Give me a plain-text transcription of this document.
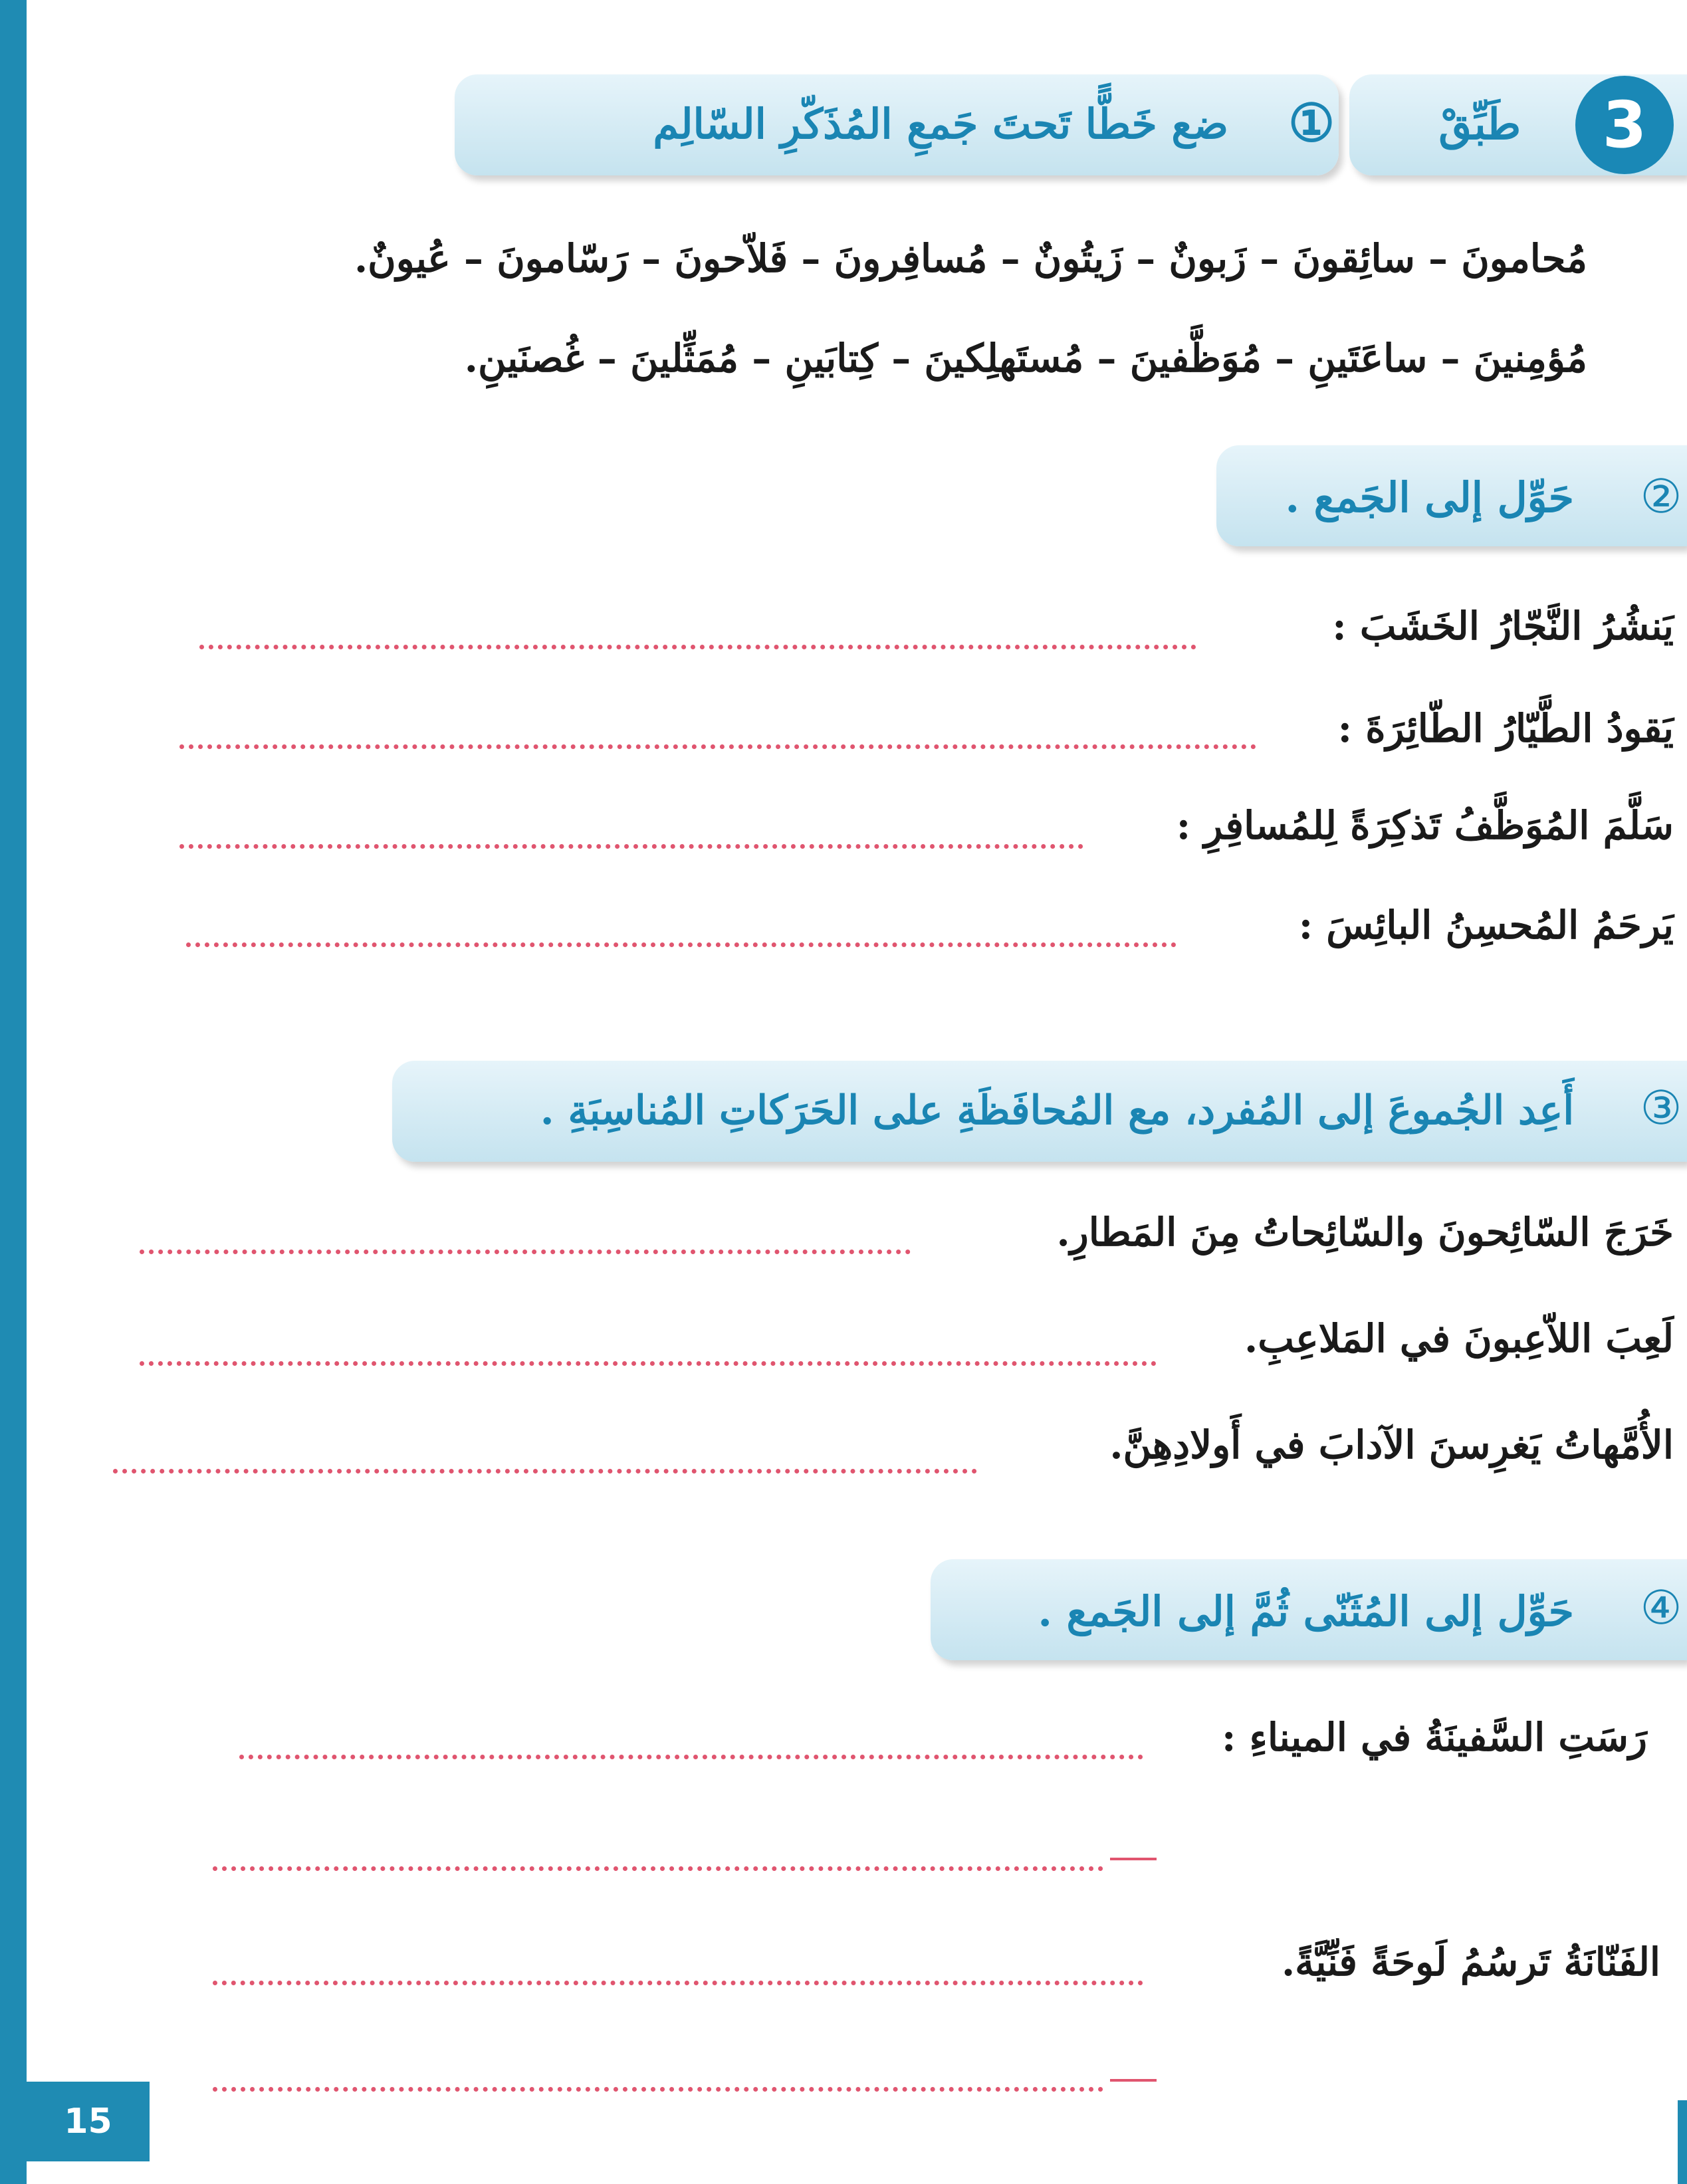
15
3
طَبِّقْ
①
ضع خَطًّا تَحتَ جَمعِ المُذَكّرِ السّالِم
مُحامونَ – سائِقونَ – زَبونٌ – زَيتُونٌ – مُسافِرونَ – فَلاّحونَ – رَسّامونَ – عُيونٌ.
مُؤمِنينَ – ساعَتَينِ – مُوَظَّفينَ – مُستَهلِكينَ – كِتابَينِ – مُمَثِّلينَ – غُصنَينِ.
②
حَوِّل إلى الجَمع .
يَنشُرُ النَّجّارُ الخَشَبَ :
يَقودُ الطَّيّارُ الطّائِرَةَ :
سَلَّمَ المُوَظَّفُ تَذكِرَةً لِلمُسافِرِ :
يَرحَمُ المُحسِنُ البائِسَ :
③
أَعِد الجُموعَ إلى المُفرد، مع المُحافَظَةِ على الحَرَكاتِ المُناسِبَةِ .
خَرَجَ السّائِحونَ والسّائِحاتُ مِنَ المَطارِ.
لَعِبَ اللاّعِبونَ في المَلاعِبِ.
الأُمَّهاتُ يَغرِسنَ الآدابَ في أَولادِهِنَّ.
④
حَوِّل إلى المُثَنّى ثُمَّ إلى الجَمع .
رَسَتِ السَّفينَةُ في الميناءِ :
الفَنّانَةُ تَرسُمُ لَوحَةً فَنِّيَّةً.
